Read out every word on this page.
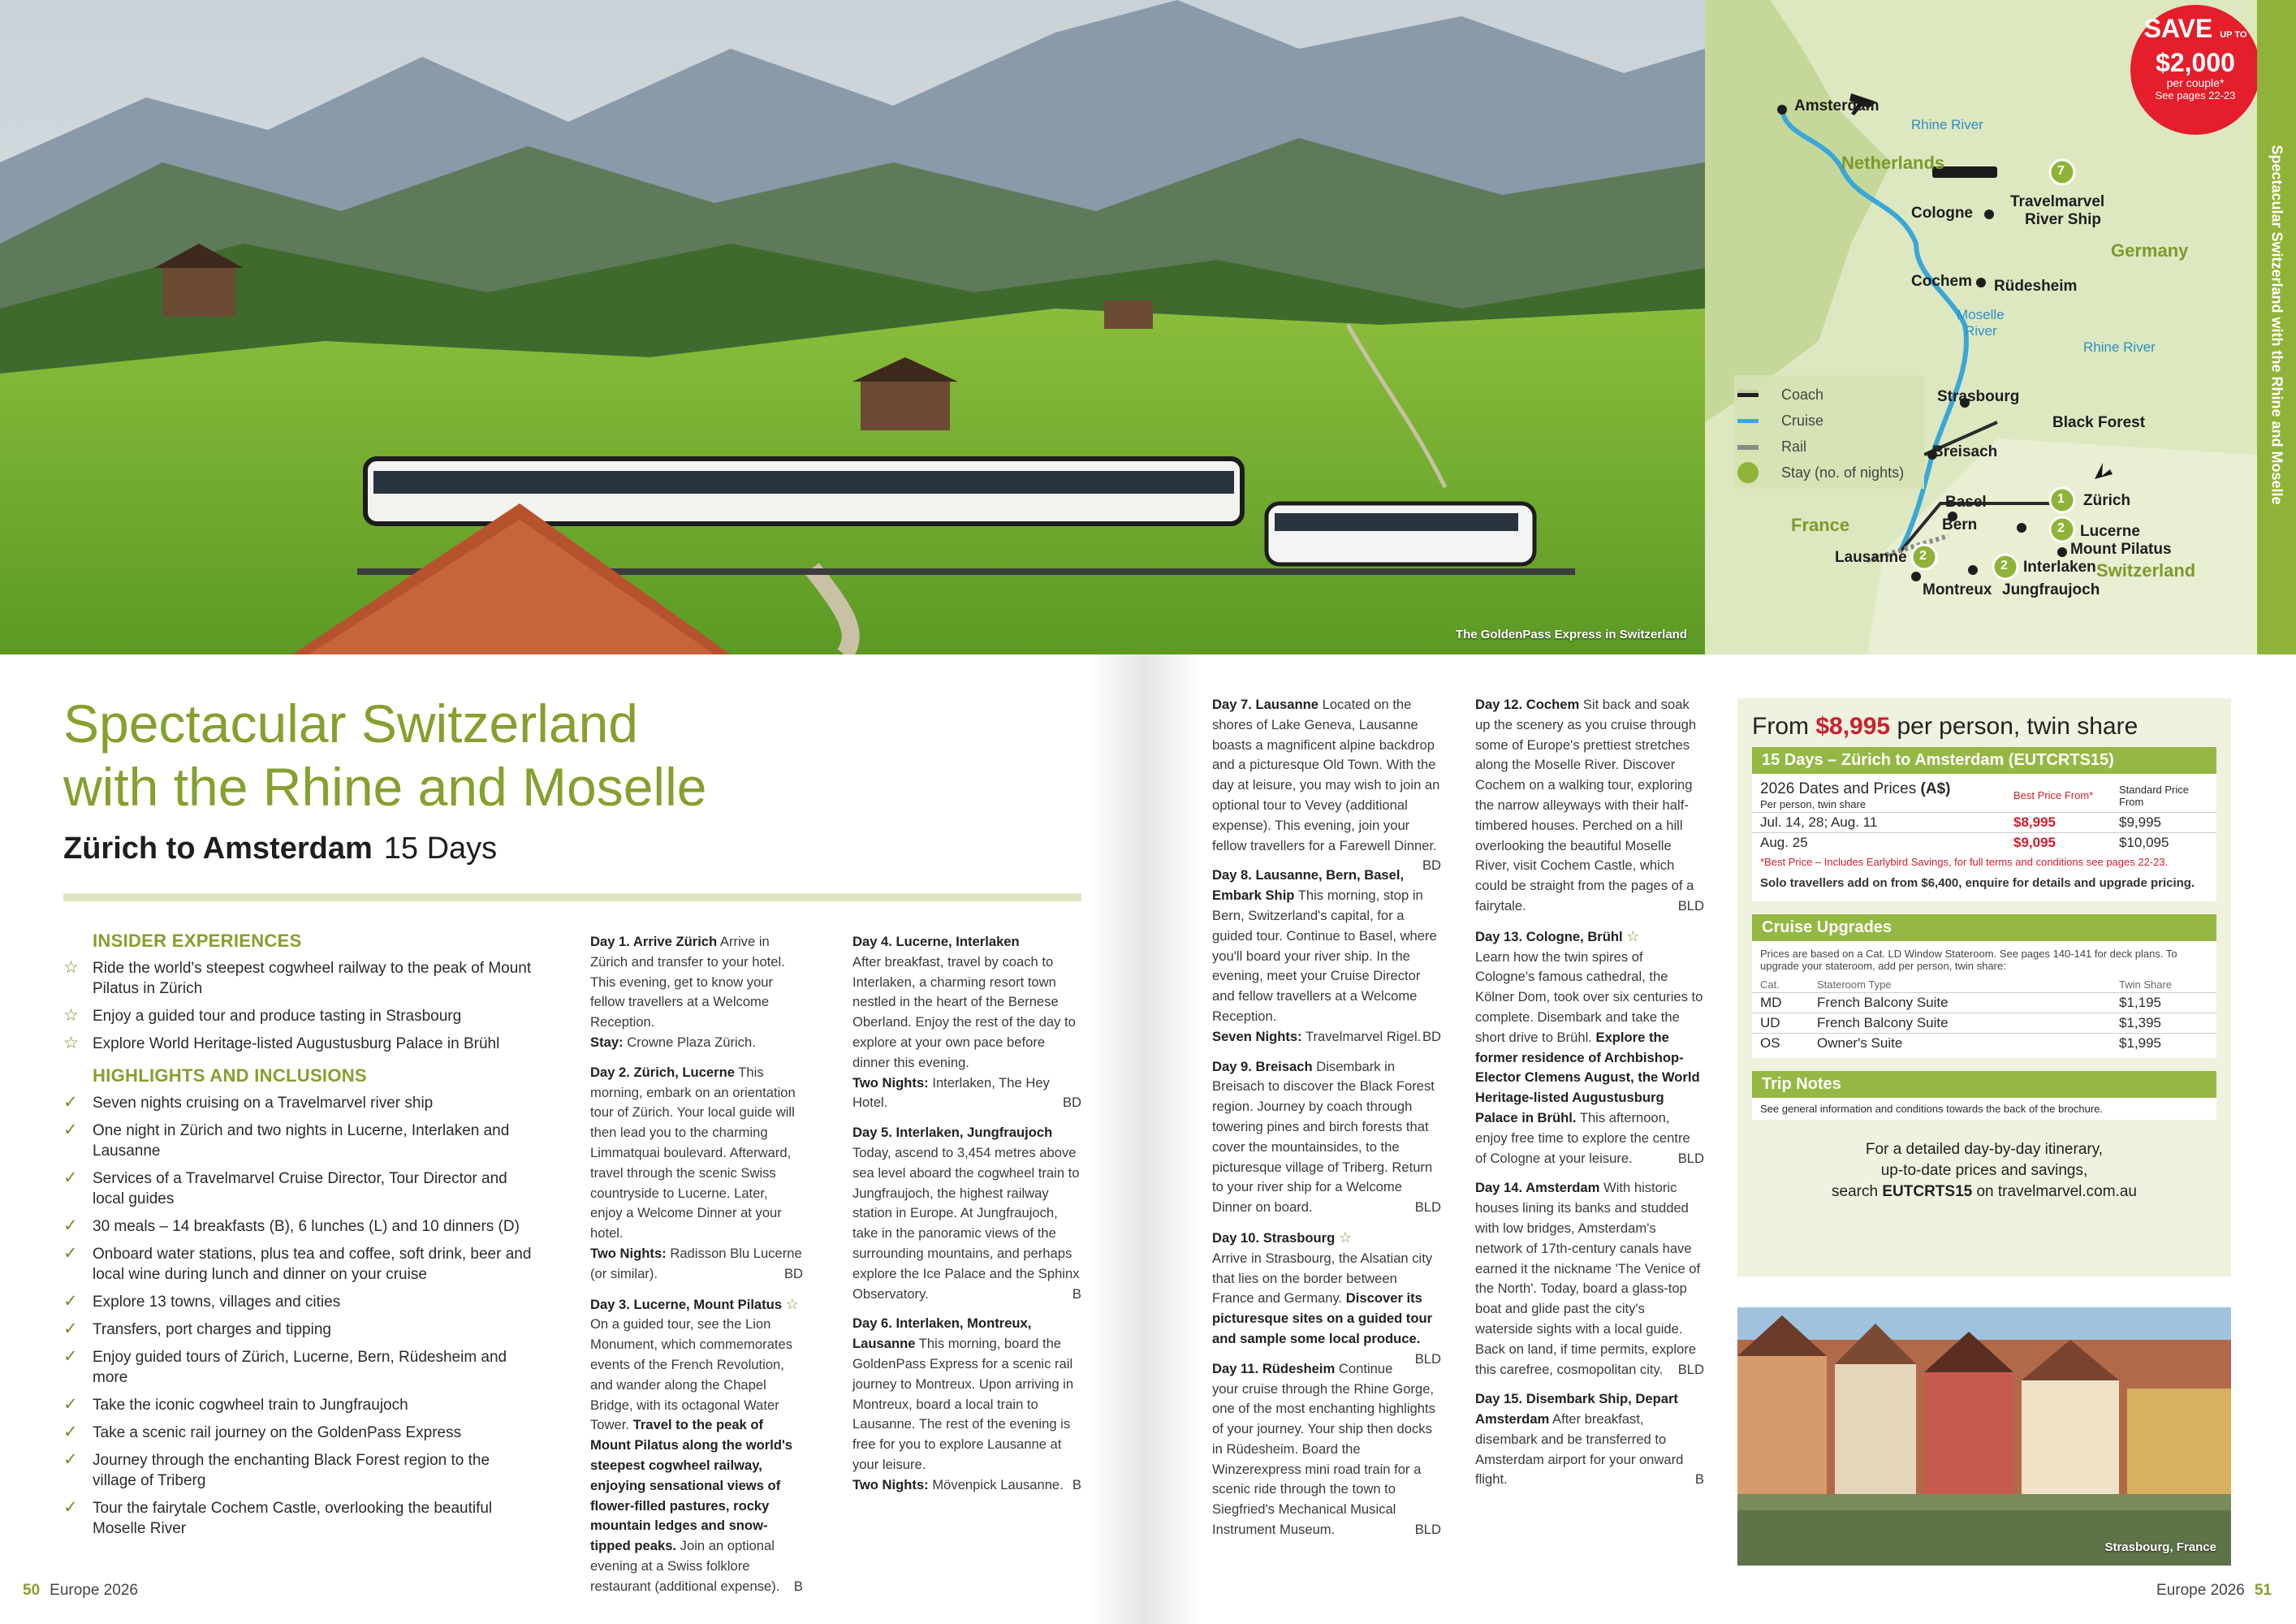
The GoldenPass Express in Switzerland
SAVE UP TO
$2,000
per couple*
See pages 22-23
Amsterdam
Cologne
Cochem Rüdesheim
Strasbourg
Breisach
Black Forest
Basel
Bern
Zürich
Lucerne
Mount Pilatus
Interlaken
Jungfraujoch
Lausanne
Montreux
Travelmarvel
River Ship
7
1
2
2
2
Netherlands
Germany
France
Switzerland
Rhine River
Rhine River
Moselle
River
Coach
Cruise
Rail
Stay (no. of nights)	Spectacular Switzerland with the Rhine and Moselle
Spectacular Switzerland
with the Rhine and Moselle
Zürich to Amsterdam 15 Days
INSIDER EXPERIENCES
☆ Ride the world's steepest cogwheel railway to the peak of Mount Pilatus in Zürich
☆ Enjoy a guided tour and produce tasting in Strasbourg
☆ Explore World Heritage-listed Augustusburg Palace in Brühl
HIGHLIGHTS AND INCLUSIONS
✓ Seven nights cruising on a Travelmarvel river ship
✓ One night in Zürich and two nights in Lucerne, Interlaken and Lausanne
✓ Services of a Travelmarvel Cruise Director, Tour Director and local guides
✓ 30 meals – 14 breakfasts (B), 6 lunches (L) and 10 dinners (D)
✓ Onboard water stations, plus tea and coffee, soft drink, beer and local wine during lunch and dinner on your cruise
✓ Explore 13 towns, villages and cities
✓ Transfers, port charges and tipping
✓ Enjoy guided tours of Zürich, Lucerne, Bern, Rüdesheim and more
✓ Take the iconic cogwheel train to Jungfraujoch
✓ Take a scenic rail journey on the GoldenPass Express
✓ Journey through the enchanting Black Forest region to the village of Triberg
✓ Tour the fairytale Cochem Castle, overlooking the beautiful Moselle River
Day 1. Arrive Zürich Arrive in Zürich and transfer to your hotel. This evening, get to know your fellow travellers at a Welcome Reception.
Stay: Crowne Plaza Zürich.
Day 2. Zürich, Lucerne This morning, embark on an orientation tour of Zürich. Your local guide will then lead you to the charming Limmatquai boulevard. Afterward, travel through the scenic Swiss countryside to Lucerne. Later, enjoy a Welcome Dinner at your hotel.
Two Nights: Radisson Blu Lucerne (or similar).	BD
Day 3. Lucerne, Mount Pilatus ☆ On a guided tour, see the Lion Monument, which commemorates events of the French Revolution, and wander along the Chapel Bridge, with its octagonal Water Tower. Travel to the peak of Mount Pilatus along the world's steepest cogwheel railway, enjoying sensational views of flower-filled pastures, rocky mountain ledges and snow-tipped peaks. Join an optional evening at a Swiss folklore restaurant (additional expense). B
Day 4. Lucerne, Interlaken
After breakfast, travel by coach to Interlaken, a charming resort town nestled in the heart of the Bernese Oberland. Enjoy the rest of the day to explore at your own pace before dinner this evening.
Two Nights: Interlaken, The Hey Hotel.	BD
Day 5. Interlaken, Jungfraujoch
Today, ascend to 3,454 metres above sea level aboard the cogwheel train to Jungfraujoch, the highest railway station in Europe. At Jungfraujoch, take in the panoramic views of the surrounding mountains, and perhaps explore the Ice Palace and the Sphinx Observatory.	B
Day 6. Interlaken, Montreux, Lausanne This morning, board the GoldenPass Express for a scenic rail journey to Montreux. Upon arriving in Montreux, board a local train to Lausanne. The rest of the evening is free for you to explore Lausanne at your leisure.
Two Nights: Mövenpick Lausanne. B
Day 7. Lausanne Located on the shores of Lake Geneva, Lausanne boasts a magnificent alpine backdrop and a picturesque Old Town. With the day at leisure, you may wish to join an optional tour to Vevey (additional expense). This evening, join your fellow travellers for a Farewell Dinner.
BD
Day 8. Lausanne, Bern, Basel, Embark Ship This morning, stop in Bern, Switzerland's capital, for a guided tour. Continue to Basel, where you'll board your river ship. In the evening, meet your Cruise Director and fellow travellers at a Welcome Reception.
Seven Nights: Travelmarvel Rigel. BD
Day 9. Breisach Disembark in Breisach to discover the Black Forest region. Journey by coach through towering pines and birch forests that cover the mountainsides, to the picturesque village of Triberg. Return to your river ship for a Welcome Dinner on board.	BLD
Day 10. Strasbourg ☆
Arrive in Strasbourg, the Alsatian city that lies on the border between France and Germany. Discover its picturesque sites on a guided tour and sample some local produce.
BLD
Day 11. Rüdesheim Continue your cruise through the Rhine Gorge, one of the most enchanting highlights of your journey. Your ship then docks in Rüdesheim. Board the Winzerexpress mini road train for a scenic ride through the town to Siegfried's Mechanical Musical Instrument Museum.	BLD
Day 12. Cochem Sit back and soak up the scenery as you cruise through some of Europe's prettiest stretches along the Moselle River. Discover Cochem on a walking tour, exploring the narrow alleyways with their half-timbered houses. Perched on a hill overlooking the beautiful Moselle River, visit Cochem Castle, which could be straight from the pages of a fairytale.	BLD
Day 13. Cologne, Brühl ☆
Learn how the twin spires of Cologne's famous cathedral, the Kölner Dom, took over six centuries to complete. Disembark and take the short drive to Brühl. Explore the former residence of Archbishop-Elector Clemens August, the World Heritage-listed Augustusburg Palace in Brühl. This afternoon, enjoy free time to explore the centre of Cologne at your leisure.	BLD
Day 14. Amsterdam With historic houses lining its banks and studded with low bridges, Amsterdam's network of 17th-century canals have earned it the nickname 'The Venice of the North'. Today, board a glass-top boat and glide past the city's waterside sights with a local guide. Back on land, if time permits, explore this carefree, cosmopolitan city. BLD
Day 15. Disembark Ship, Depart Amsterdam After breakfast, disembark and be transferred to Amsterdam airport for your onward flight.	B
From $8,995 per person, twin share
15 Days – Zürich to Amsterdam (EUTCRTS15)
2026 Dates and Prices (A$)
Per person, twin share	Best Price From*	Standard Price From
Jul. 14, 28; Aug. 11	$8,995	$9,995
Aug. 25	$9,095	$10,095
*Best Price – Includes Earlybird Savings, for full terms and conditions see pages 22-23.
Solo travellers add on from $6,400, enquire for details and upgrade pricing.
Cruise Upgrades
Prices are based on a Cat. LD Window Stateroom. See pages 140-141 for deck plans. To upgrade your stateroom, add per person, twin share:
Cat.	Stateroom Type	Twin Share
MD	French Balcony Suite	$1,195
UD	French Balcony Suite	$1,395
OS	Owner's Suite	$1,995
Trip Notes
See general information and conditions towards the back of the brochure.
For a detailed day-by-day itinerary,
up-to-date prices and savings,
search EUTCRTS15 on travelmarvel.com.au
Strasbourg, France
50 Europe 2026	Europe 2026 51
